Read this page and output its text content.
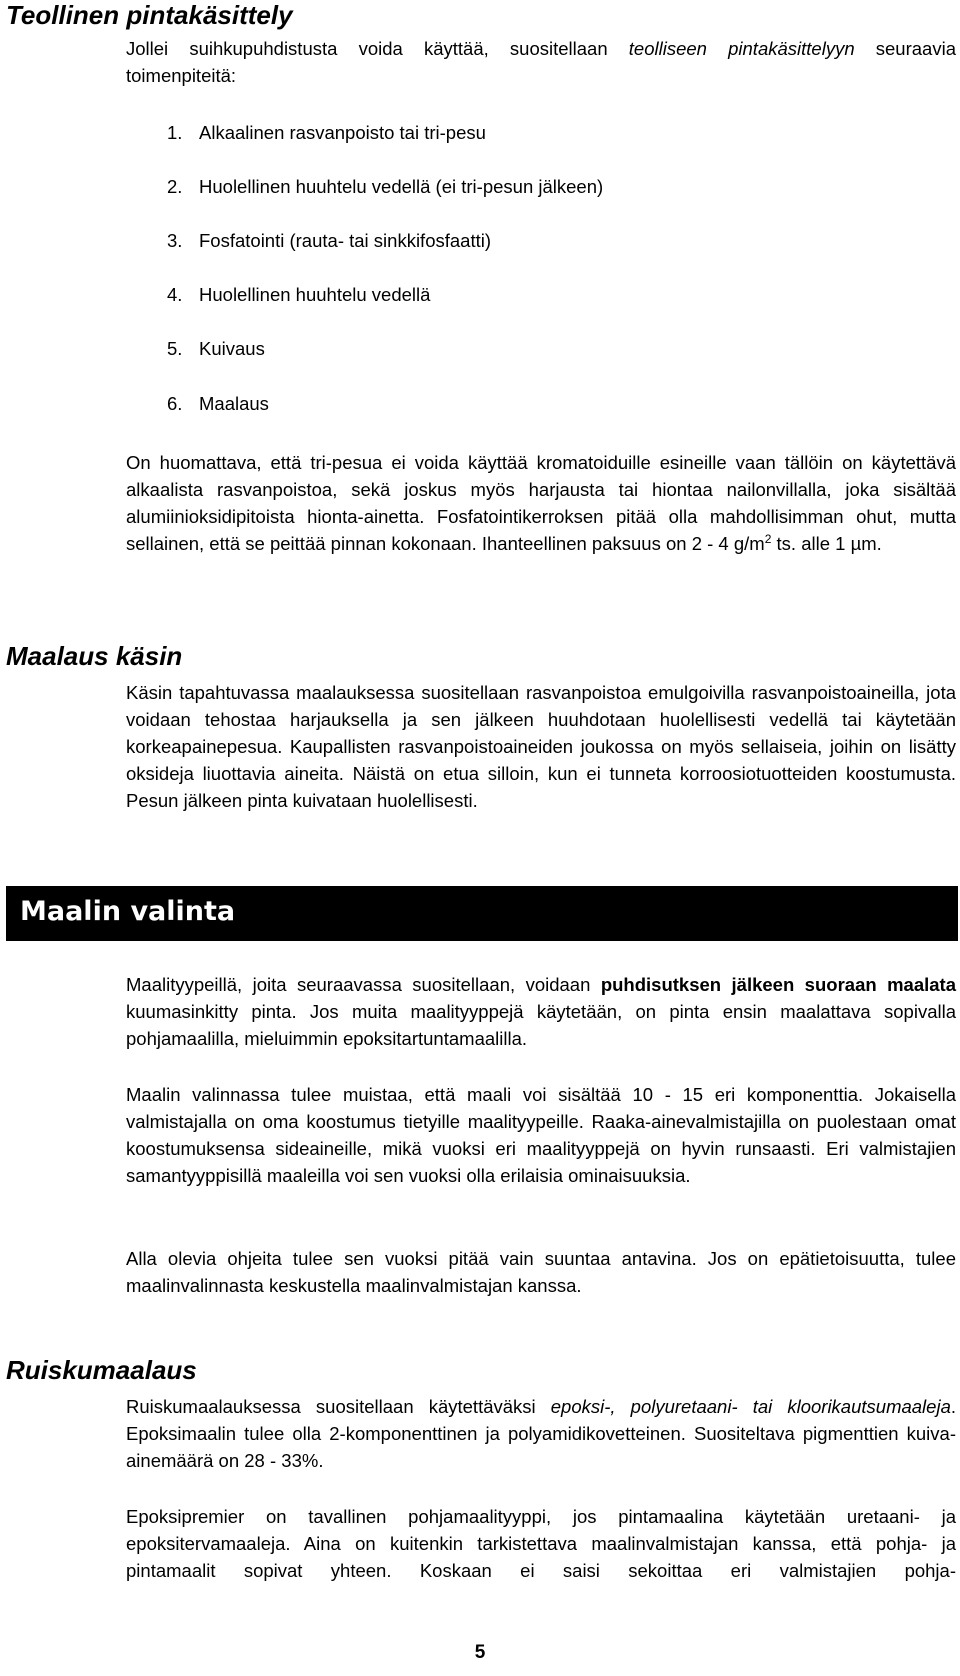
Teollinen pintakäsittely

Jollei suihkupuhdistusta voida käyttää, suositellaan teolliseen pintakäsittelyyn seuraavia toimenpiteitä:

1. Alkaalinen rasvanpoisto tai tri-pesu

2. Huolellinen huuhtelu vedellä (ei tri-pesun jälkeen)

3. Fosfatointi (rauta- tai sinkkifosfaatti)

4. Huolellinen huuhtelu vedellä

5. Kuivaus

6. Maalaus

On huomattava, että tri-pesua ei voida käyttää kromatoiduille esineille vaan tällöin on käytettävä alkaalista rasvanpoistoa, sekä joskus myös harjausta tai hiontaa nailonvillalla, joka sisältää alumiinioksidipitoista hionta-ainetta. Fosfatointikerroksen pitää olla mahdollisimman ohut, mutta sellainen, että se peittää pinnan kokonaan. Ihanteellinen paksuus on 2 - 4 $g/m^2$ ts. alle 1 µm.

Maalaus käsin

Käsin tapahtuvassa maalauksessa suositellaan rasvanpoistoa emulgoivilla rasvanpoistoaineilla, jota voidaan tehostaa harjauksella ja sen jälkeen huuhdotaan huolellisesti vedellä tai käytetään korkeapainepesua. Kaupallisten rasvanpoistoaineiden joukossa on myös sellaiseia, joihin on lisätty oksideja liuottavia aineita. Näistä on etua silloin, kun ei tunneta korroosiotuotteiden koostumusta. Pesun jälkeen pinta kuivataan huolellisesti.

Maalin valinta

Maalityypeillä, joita seuraavassa suositellaan, voidaan puhdisutksen jälkeen suoraan maalata kuumasinkitty pinta. Jos muita maalityyppejä käytetään, on pinta ensin maalattava sopivalla pohjamaalilla, mieluimmin epoksitartuntamaalilla.

Maalin valinnassa tulee muistaa, että maali voi sisältää 10 - 15 eri komponenttia. Jokaisella valmistajalla on oma koostumus tietyille maalityypeille. Raaka-ainevalmistajilla on puolestaan omat koostumuksensa sideaineille, mikä vuoksi eri maalityyppejä on hyvin runsaasti. Eri valmistajien samantyyppisillä maaleilla voi sen vuoksi olla erilaisia ominaisuuksia.

Alla olevia ohjeita tulee sen vuoksi pitää vain suuntaa antavina. Jos on epätietoisuutta, tulee maalinvalinnasta keskustella maalinvalmistajan kanssa.

Ruiskumaalaus

Ruiskumaalauksessa suositellaan käytettäväksi epoksi-, polyuretaani- tai kloorikautsumaaleja. Epoksimaalin tulee olla 2-komponenttinen ja polyamidikovetteinen. Suositeltava pigmenttien kuiva-ainemäärä on 28 - 33%.

Epoksipremier on tavallinen pohjamaalityyppi, jos pintamaalina käytetään uretaani- ja epoksitervamaaleja. Aina on kuitenkin tarkistettava maalinvalmistajan kanssa, että pohja- ja pintamaalit sopivat yhteen. Koskaan ei saisi sekoittaa eri valmistajien pohja-

5
